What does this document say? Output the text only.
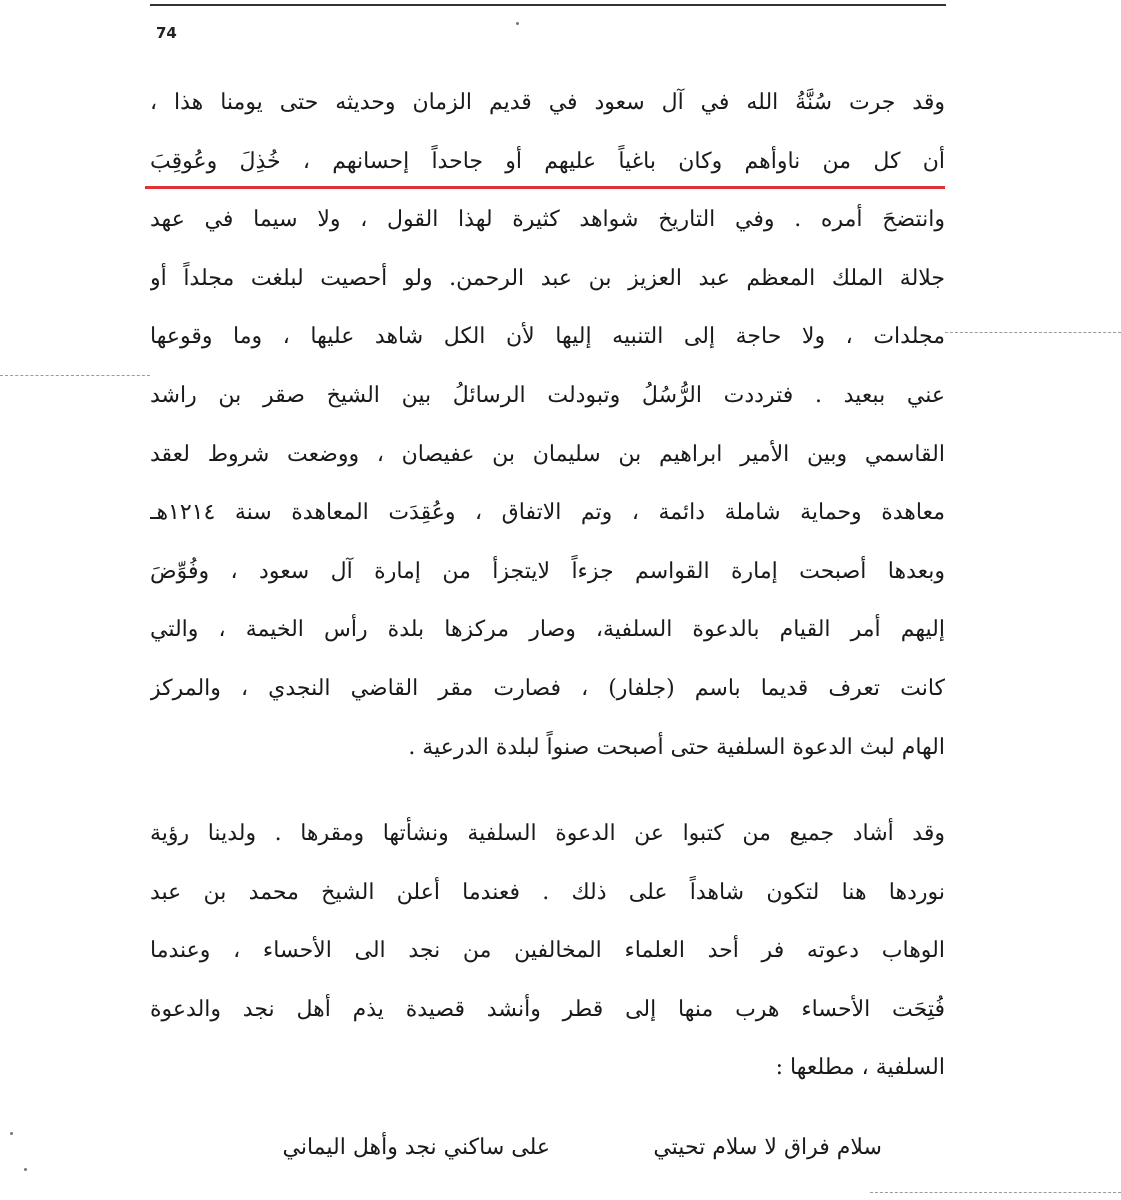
74
وقد جرت سُنَّةُ الله في آل سعود في قديم الزمان وحديثه حتى يومنا هذا ،
أن كل من ناوأهم وكان باغياً عليهم أو جاحداً إحسانهم ، خُذِلَ وعُوقِبَ
وانتضحَ أمره . وفي التاريخ شواهد كثيرة لهذا القول ، ولا سيما في عهد
جلالة الملك المعظم عبد العزيز بن عبد الرحمن. ولو أحصيت لبلغت مجلداً أو
مجلدات ، ولا حاجة إلى التنبيه إليها لأن الكل شاهد عليها ، وما وقوعها
عني ببعيد . فترددت الرُّسُلُ وتبودلت الرسائلُ بين الشيخ صقر بن راشد
القاسمي وبين الأمير ابراهيم بن سليمان بن عفيصان ، ووضعت شروط لعقد
معاهدة وحماية شاملة دائمة ، وتم الاتفاق ، وعُقِدَت المعاهدة سنة ١٢١٤هـ
وبعدها أصبحت إمارة القواسم جزءاً لايتجزأ من إمارة آل سعود ، وفُوِّضَ
إليهم أمر القيام بالدعوة السلفية، وصار مركزها بلدة رأس الخيمة ، والتي
كانت تعرف قديما باسم (جلفار) ، فصارت مقر القاضي النجدي ، والمركز
الهام لبث الدعوة السلفية حتى أصبحت صنواً لبلدة الدرعية .
وقد أشاد جميع من كتبوا عن الدعوة السلفية ونشأتها ومقرها . ولدينا رؤية
نوردها هنا لتكون شاهداً على ذلك . فعندما أعلن الشيخ محمد بن عبد
الوهاب دعوته فر أحد العلماء المخالفين من نجد الى الأحساء ، وعندما
فُتِحَت الأحساء هرب منها إلى قطر وأنشد قصيدة يذم أهل نجد والدعوة
السلفية ، مطلعها :
سلام فراق لا سلام تحيتي
على ساكني نجد وأهل اليماني
